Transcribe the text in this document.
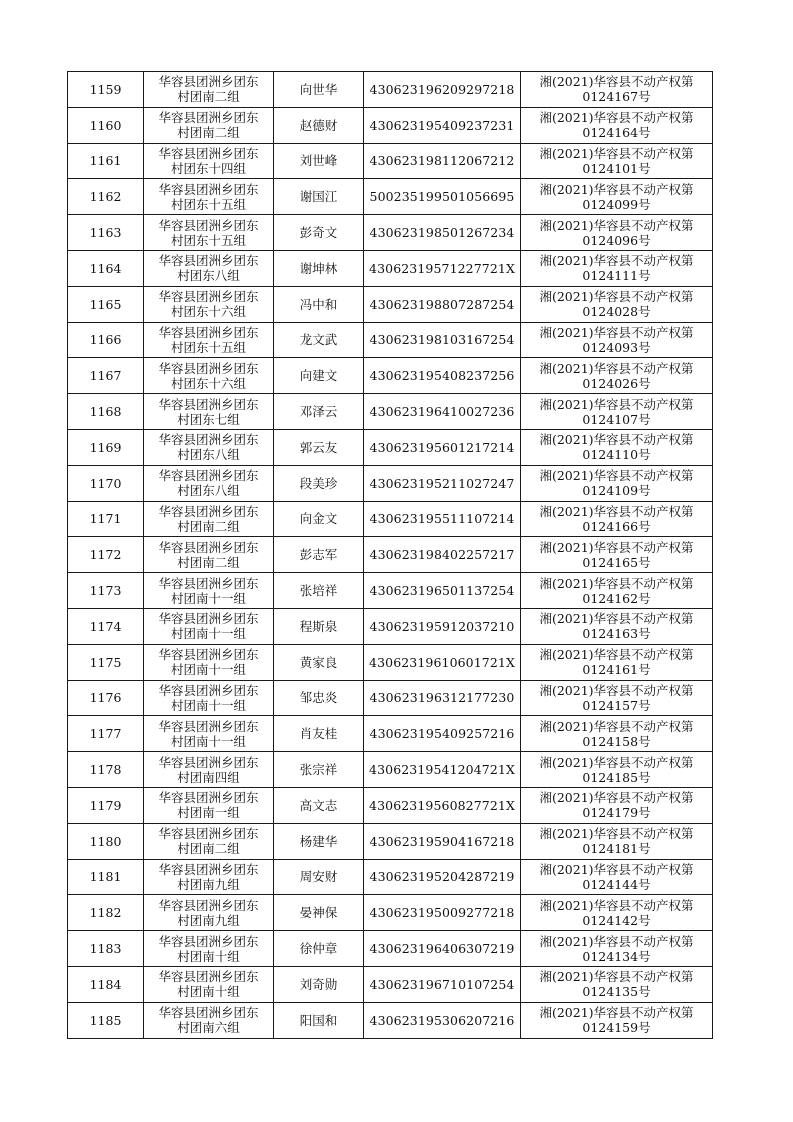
1159	华容县团洲乡团东
村团南二组	向世华	430623196209297218	湘(2021)华容县不动产权第
0124167号

1160	华容县团洲乡团东
村团南二组	赵德财	430623195409237231	湘(2021)华容县不动产权第
0124164号

1161	华容县团洲乡团东
村团东十四组	刘世峰	430623198112067212	湘(2021)华容县不动产权第
0124101号

1162	华容县团洲乡团东
村团东十五组	谢国江	500235199501056695	湘(2021)华容县不动产权第
0124099号

1163	华容县团洲乡团东
村团东十五组	彭奇文	430623198501267234	湘(2021)华容县不动产权第
0124096号

1164	华容县团洲乡团东
村团东八组	谢坤林	43062319571227721X	湘(2021)华容县不动产权第
0124111号

1165	华容县团洲乡团东
村团东十六组	冯中和	430623198807287254	湘(2021)华容县不动产权第
0124028号

1166	华容县团洲乡团东
村团东十五组	龙文武	430623198103167254	湘(2021)华容县不动产权第
0124093号

1167	华容县团洲乡团东
村团东十六组	向建文	430623195408237256	湘(2021)华容县不动产权第
0124026号

1168	华容县团洲乡团东
村团东七组	邓泽云	430623196410027236	湘(2021)华容县不动产权第
0124107号

1169	华容县团洲乡团东
村团东八组	郭云友	430623195601217214	湘(2021)华容县不动产权第
0124110号

1170	华容县团洲乡团东
村团东八组	段美珍	430623195211027247	湘(2021)华容县不动产权第
0124109号

1171	华容县团洲乡团东
村团南二组	向金文	430623195511107214	湘(2021)华容县不动产权第
0124166号

1172	华容县团洲乡团东
村团南二组	彭志军	430623198402257217	湘(2021)华容县不动产权第
0124165号

1173	华容县团洲乡团东
村团南十一组	张培祥	430623196501137254	湘(2021)华容县不动产权第
0124162号

1174	华容县团洲乡团东
村团南十一组	程斯泉	430623195912037210	湘(2021)华容县不动产权第
0124163号

1175	华容县团洲乡团东
村团南十一组	黄家良	43062319610601721X	湘(2021)华容县不动产权第
0124161号

1176	华容县团洲乡团东
村团南十一组	邹忠炎	430623196312177230	湘(2021)华容县不动产权第
0124157号

1177	华容县团洲乡团东
村团南十一组	肖友桂	430623195409257216	湘(2021)华容县不动产权第
0124158号

1178	华容县团洲乡团东
村团南四组	张宗祥	43062319541204721X	湘(2021)华容县不动产权第
0124185号

1179	华容县团洲乡团东
村团南一组	高文志	43062319560827721X	湘(2021)华容县不动产权第
0124179号

1180	华容县团洲乡团东
村团南二组	杨建华	430623195904167218	湘(2021)华容县不动产权第
0124181号

1181	华容县团洲乡团东
村团南九组	周安财	430623195204287219	湘(2021)华容县不动产权第
0124144号

1182	华容县团洲乡团东
村团南九组	晏神保	430623195009277218	湘(2021)华容县不动产权第
0124142号

1183	华容县团洲乡团东
村团南十组	徐仲章	430623196406307219	湘(2021)华容县不动产权第
0124134号

1184	华容县团洲乡团东
村团南十组	刘奇勋	430623196710107254	湘(2021)华容县不动产权第
0124135号

1185	华容县团洲乡团东
村团南六组	阳国和	430623195306207216	湘(2021)华容县不动产权第
0124159号
